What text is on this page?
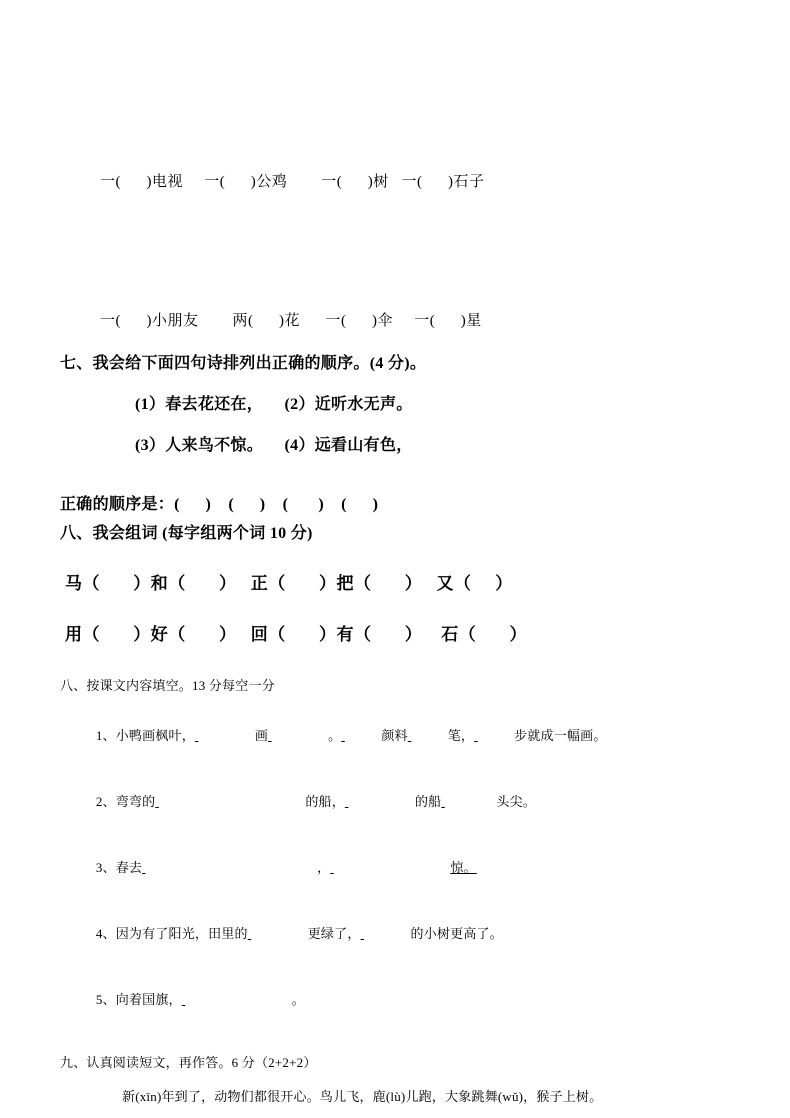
一(      )电视     一(      )公鸡        一(      )树   一(      )石子
一(      )小朋友        两(      )花      一(      )伞     一(      )星
七、我会给下面四句诗排列出正确的顺序。(4 分)。
(1）春去花还在，     (2）近听水无声。
(3）人来鸟不惊。     (4）远看山有色，
正确的顺序是：(      )    (      )    (       )    (      )
八、我会组词 (每字组两个词 10 分)
马（       ）和（       ）   正（       ）把（       ）   又（     ）
用（       ）好（       ）   回（       ）有（       ）    石（       ）
八、按课文内容填空。13 分每空一分

1、小鸭画枫叶，	画	。	颜料	笔，	步就成一幅画。

2、弯弯的	的船，	的船	头尖。

3、春去	，	惊。

4、因为有了阳光，田里的	更绿了，	的小树更高了。

5、向着国旗，	。

九、认真阅读短文，再作答。6 分（2+2+2）
新(xīn)年到了，动物们都很开心。鸟儿飞，鹿(lù)儿跑，大象跳舞(wǔ)，猴子上树。
